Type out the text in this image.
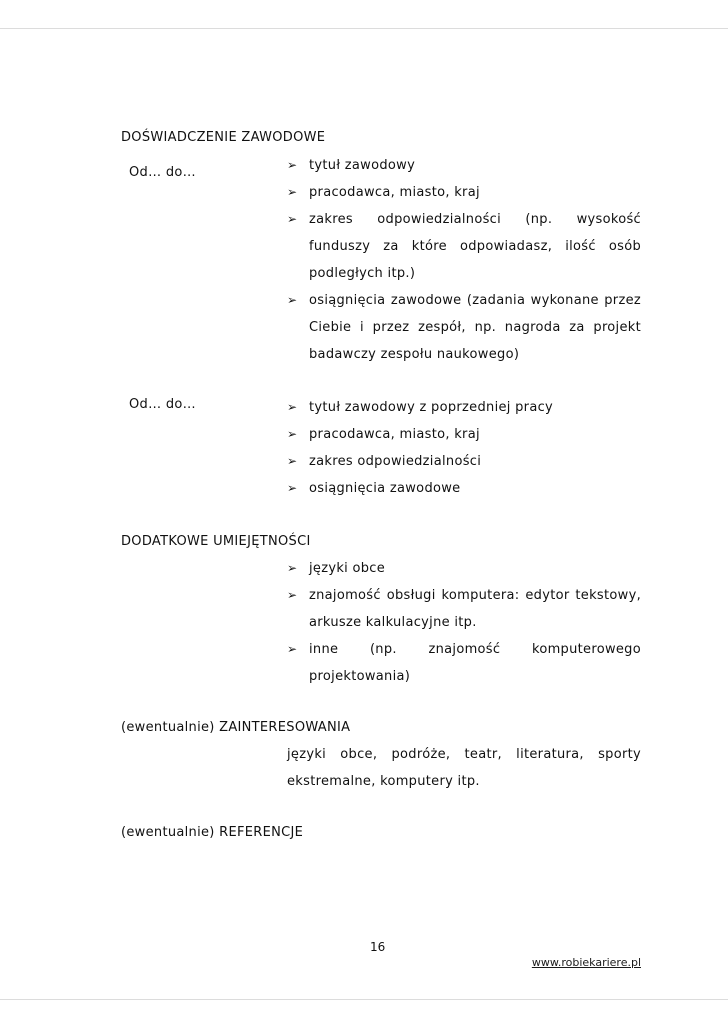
DOŚWIADCZENIE ZAWODOWE
Od… do…	➢ tytuł zawodowy
➢ pracodawca, miasto, kraj
➢ zakres odpowiedzialności (np. wysokość funduszy za które odpowiadasz, ilość osób podległych itp.)
➢ osiągnięcia zawodowe (zadania wykonane przez Ciebie i przez zespół, np. nagroda za projekt badawczy zespołu naukowego)
Od… do…	➢ tytuł zawodowy z poprzedniej pracy
➢ pracodawca, miasto, kraj
➢ zakres odpowiedzialności
➢ osiągnięcia zawodowe
DODATKOWE UMIEJĘTNOŚCI
➢ języki obce
➢ znajomość obsługi komputera: edytor tekstowy, arkusze kalkulacyjne itp.
➢ inne (np. znajomość komputerowego projektowania)
(ewentualnie) ZAINTERESOWANIA
języki obce, podróże, teatr, literatura, sporty ekstremalne, komputery itp.
(ewentualnie) REFERENCJE
16
www.robiekariere.pl
